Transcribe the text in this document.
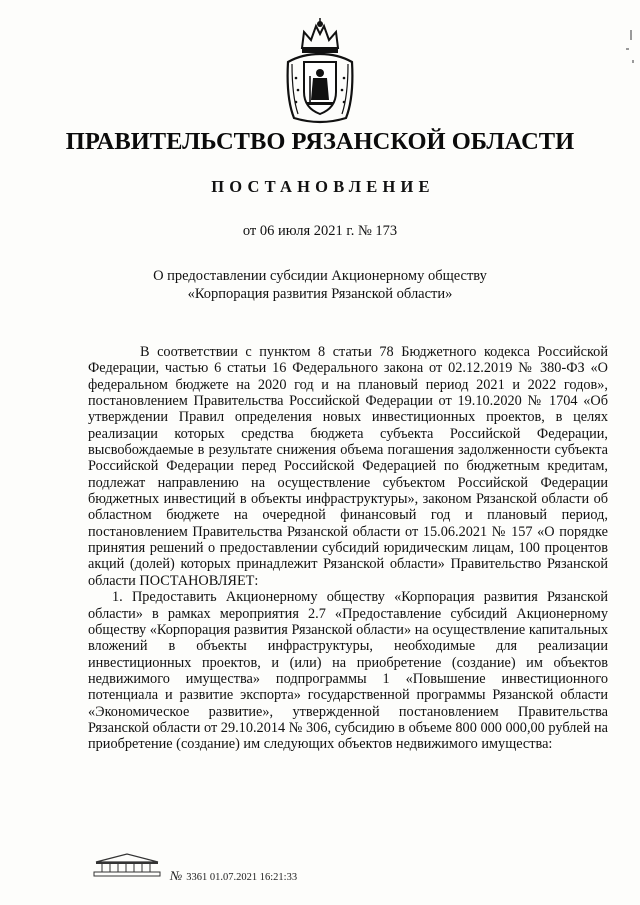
ПРАВИТЕЛЬСТВО РЯЗАНСКОЙ ОБЛАСТИ
ПОСТАНОВЛЕНИЕ
от 06 июля 2021 г. № 173
О предоставлении субсидии Акционерному обществу
«Корпорация развития Рязанской области»

В соответствии с пунктом 8 статьи 78 Бюджетного кодекса Российской Федерации, частью 6 статьи 16 Федерального закона от 02.12.2019 № 380-ФЗ «О федеральном бюджете на 2020 год и на плановый период 2021 и 2022 годов», постановлением Правительства Российской Федерации от 19.10.2020 № 1704 «Об утверждении Правил определения новых инвестиционных проектов, в целях реализации которых средства бюджета субъекта Российской Федерации, высвобождаемые в результате снижения объема погашения задолженности субъекта Российской Федерации перед Российской Федерацией по бюджетным кредитам, подлежат направлению на осуществление субъектом Российской Федерации бюджетных инвестиций в объекты инфраструктуры», законом Рязанской области об областном бюджете на очередной финансовый год и плановый период, постановлением Правительства Рязанской области от 15.06.2021 № 157 «О порядке принятия решений о предоставлении субсидий юридическим лицам, 100 процентов акций (долей) которых принадлежит Рязанской области» Правительство Рязанской области ПОСТАНОВЛЯЕТ:

1. Предоставить Акционерному обществу «Корпорация развития Рязанской области» в рамках мероприятия 2.7 «Предоставление субсидий Акционерному обществу «Корпорация развития Рязанской области» на осуществление капитальных вложений в объекты инфраструктуры, необходимые для реализации инвестиционных проектов, и (или) на приобретение (создание) им объектов недвижимого имущества» подпрограммы 1 «Повышение инвестиционного потенциала и развитие экспорта» государственной программы Рязанской области «Экономическое развитие», утвержденной постановлением Правительства Рязанской области от 29.10.2014 № 306, субсидию в объеме 800 000 000,00 рублей на приобретение (создание) им следующих объектов недвижимого имущества:

№ 3361 01.07.2021 16:21:33
